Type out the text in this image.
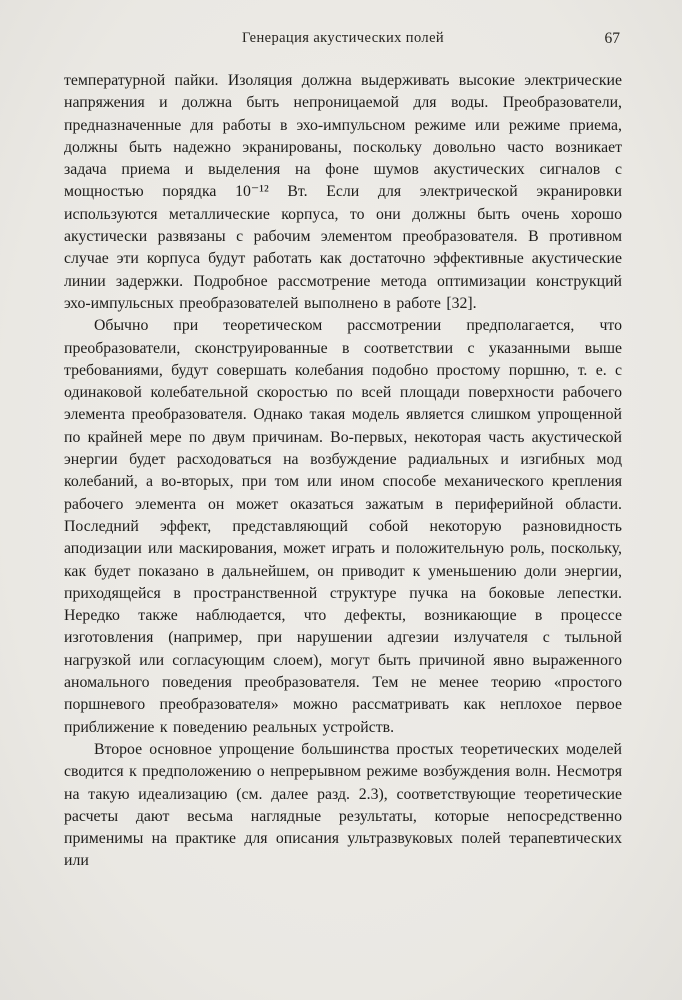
Генерация акустических полей	67

температурной пайки. Изоляция должна выдерживать высокие электрические напряжения и должна быть непроницаемой для воды. Преобразователи, предназначенные для работы в эхо-импульсном режиме или режиме приема, должны быть надежно экранированы, поскольку довольно часто возникает задача приема и выделения на фоне шумов акустических сигналов с мощностью порядка 10⁻¹² Вт. Если для электрической экранировки используются металлические корпуса, то они должны быть очень хорошо акустически развязаны с рабочим элементом преобразователя. В противном случае эти корпуса будут работать как достаточно эффективные акустические линии задержки. Подробное рассмотрение метода оптимизации конструкций эхо-импульсных преобразователей выполнено в работе [32].

Обычно при теоретическом рассмотрении предполагается, что преобразователи, сконструированные в соответствии с указанными выше требованиями, будут совершать колебания подобно простому поршню, т. е. с одинаковой колебательной скоростью по всей площади поверхности рабочего элемента преобразователя. Однако такая модель является слишком упрощенной по крайней мере по двум причинам. Во-первых, некоторая часть акустической энергии будет расходоваться на возбуждение радиальных и изгибных мод колебаний, а во-вторых, при том или ином способе механического крепления рабочего элемента он может оказаться зажатым в периферийной области. Последний эффект, представляющий собой некоторую разновидность аподизации или маскирования, может играть и положительную роль, поскольку, как будет показано в дальнейшем, он приводит к уменьшению доли энергии, приходящейся в пространственной структуре пучка на боковые лепестки. Нередко также наблюдается, что дефекты, возникающие в процессе изготовления (например, при нарушении адгезии излучателя с тыльной нагрузкой или согласующим слоем), могут быть причиной явно выраженного аномального поведения преобразователя. Тем не менее теорию «простого поршневого преобразователя» можно рассматривать как неплохое первое приближение к поведению реальных устройств.

Второе основное упрощение большинства простых теоретических моделей сводится к предположению о непрерывном режиме возбуждения волн. Несмотря на такую идеализацию (см. далее разд. 2.3), соответствующие теоретические расчеты дают весьма наглядные результаты, которые непосредственно применимы на практике для описания ультразвуковых полей терапевтических или
